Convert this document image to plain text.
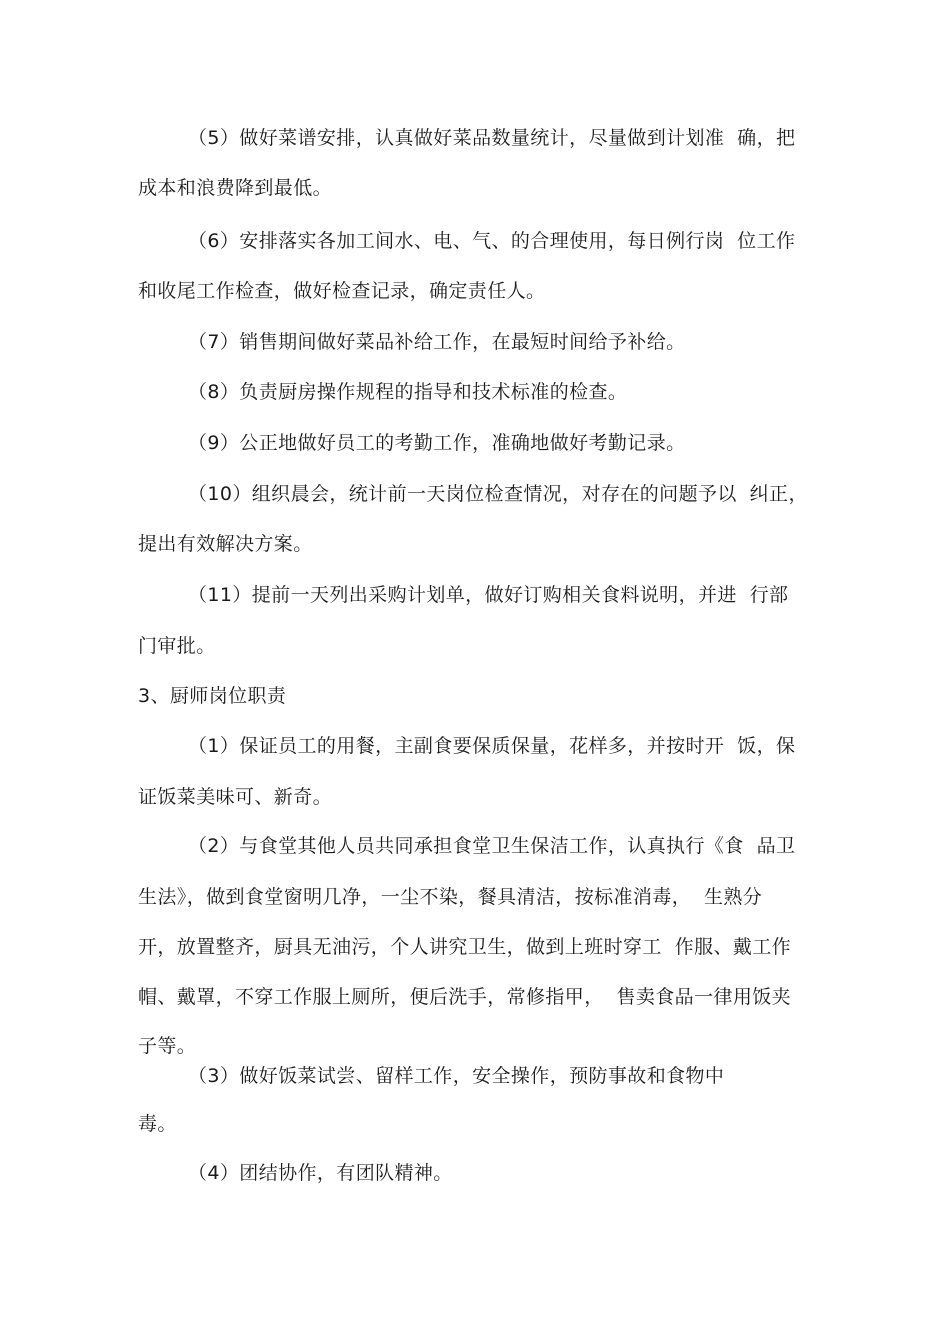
（5）做好菜谱安排，认真做好菜品数量统计，尽量做到计划准  确，把
成本和浪费降到最低。
（6）安排落实各加工间水、电、气、的合理使用，每日例行岗  位工作
和收尾工作检查，做好检查记录，确定责任人。
（7）销售期间做好菜品补给工作，在最短时间给予补给。
（8）负责厨房操作规程的指导和技术标准的检查。
（9）公正地做好员工的考勤工作，准确地做好考勤记录。
（10）组织晨会，统计前一天岗位检查情况，对存在的问题予以  纠正，
提出有效解决方案。
（11）提前一天列出采购计划单，做好订购相关食料说明，并进  行部
门审批。
3、厨师岗位职责
（1）保证员工的用餐，主副食要保质保量，花样多，并按时开  饭，保
证饭菜美味可、新奇。
（2）与食堂其他人员共同承担食堂卫生保洁工作，认真执行《食  品卫
生法》，做到食堂窗明几净，一尘不染，餐具清洁，按标准消毒，  生熟分
开，放置整齐，厨具无油污，个人讲究卫生，做到上班时穿工  作服、戴工作
帽、戴罩，不穿工作服上厕所，便后洗手，常修指甲，  售卖食品一律用饭夹
子等。
（3）做好饭菜试尝、留样工作，安全操作，预防事故和食物中
毒。
（4）团结协作，有团队精神。
